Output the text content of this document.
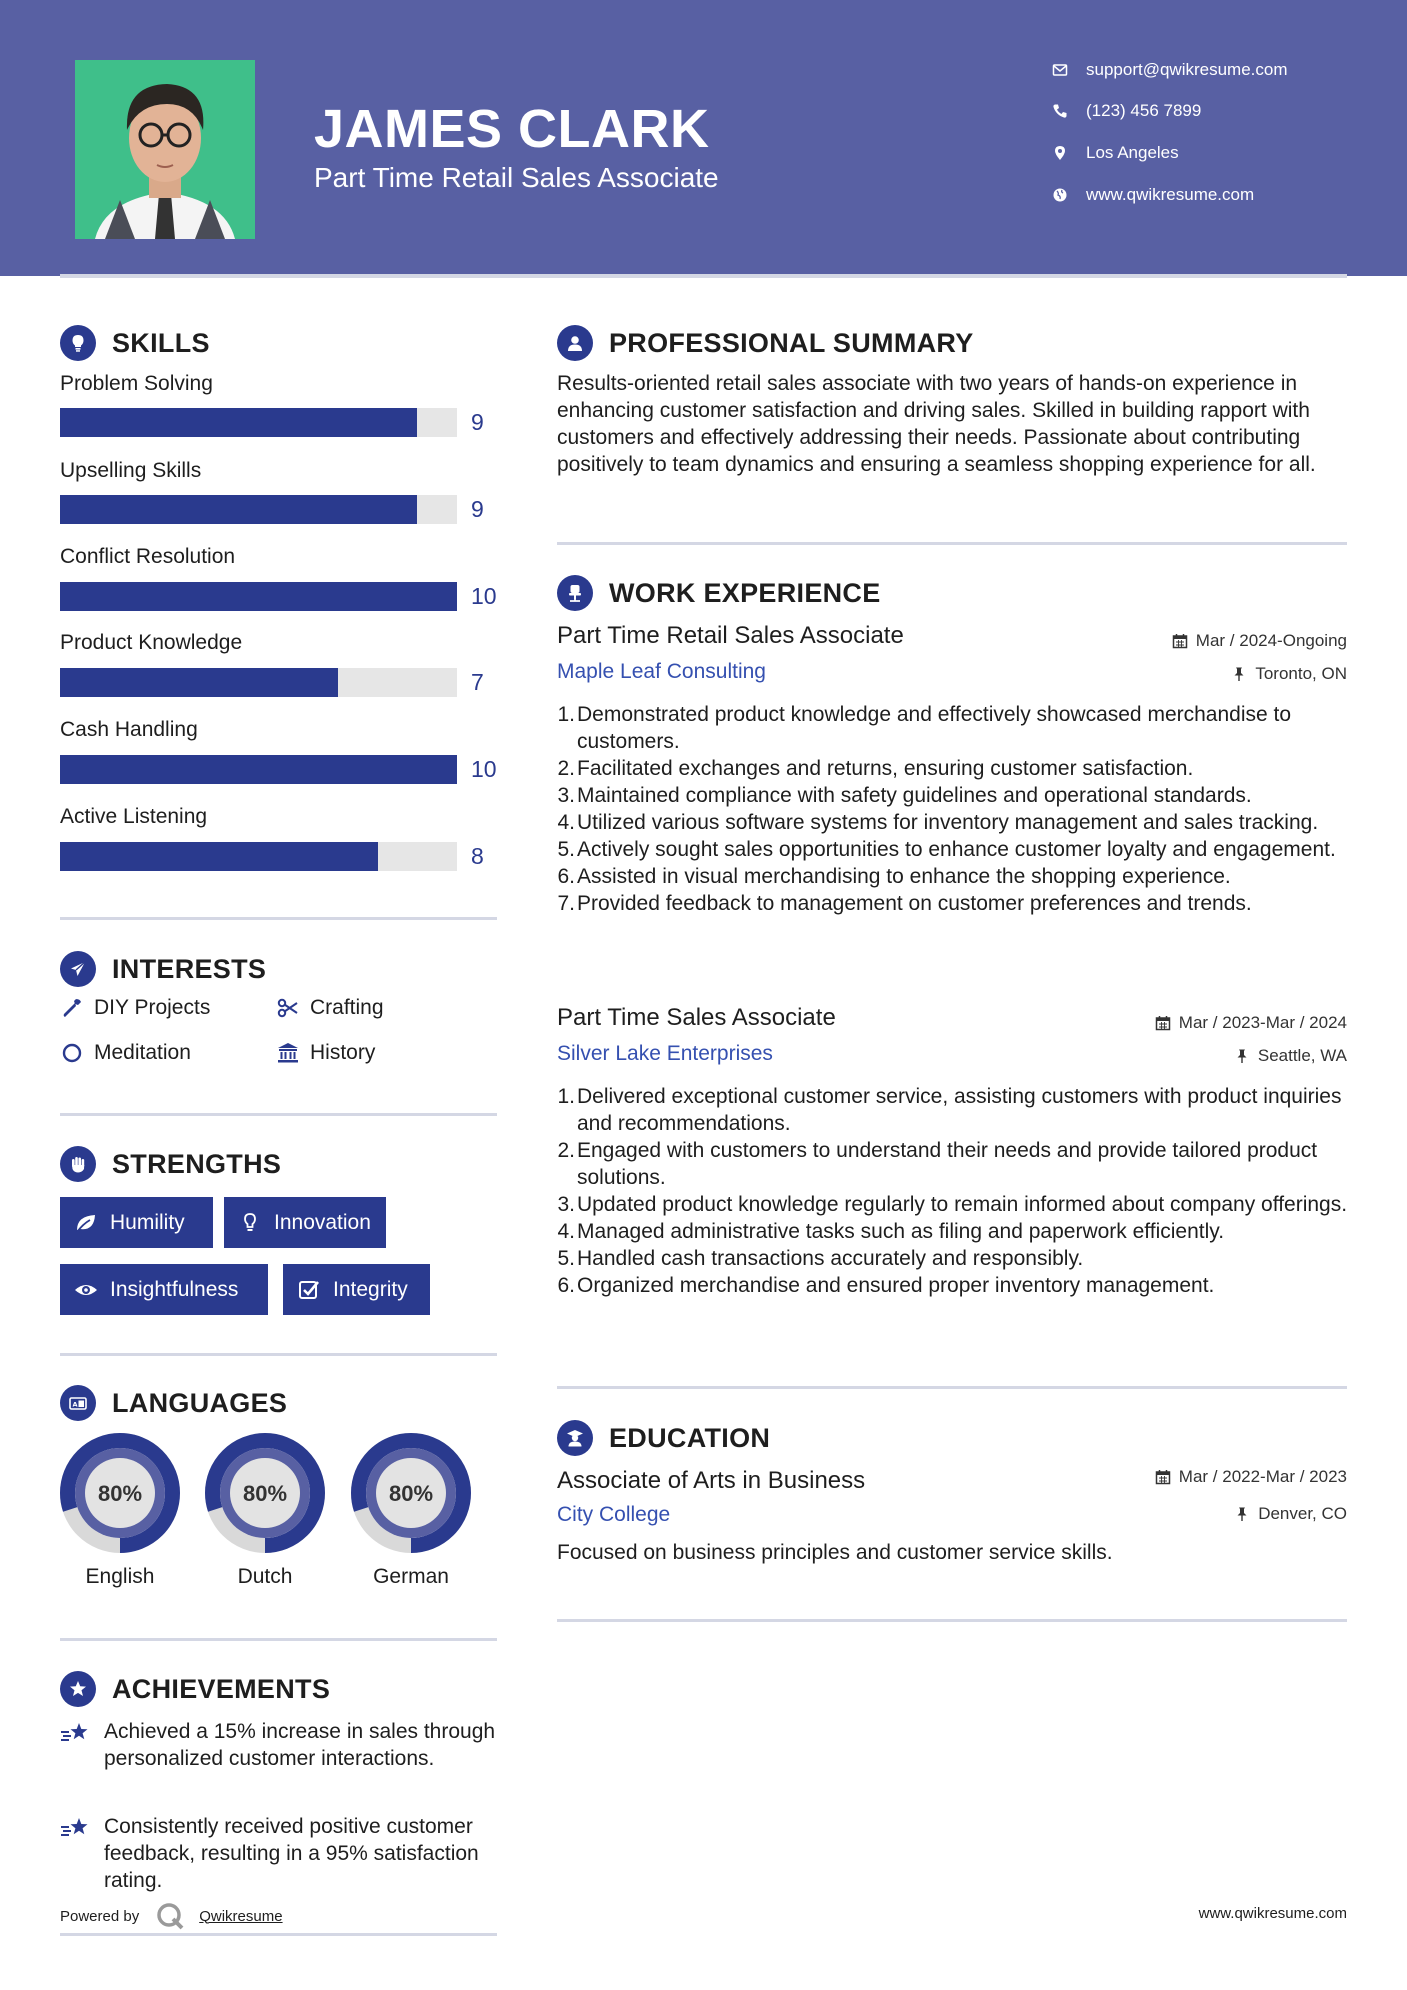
JAMES CLARK
Part Time Retail Sales Associate
support@qwikresume.com
(123) 456 7899
Los Angeles
www.qwikresume.com
SKILLS
Problem Solving
9
Upselling Skills
9
Conflict Resolution
10
Product Knowledge
7
Cash Handling
10
Active Listening
8
INTERESTS
DIY Projects	Crafting
Meditation	History
STRENGTHS
Humility	Innovation
Insightfulness	Integrity
A LANGUAGES
80%
English
80%
Dutch
80%
German
ACHIEVEMENTS
Achieved a 15% increase in sales through personalized customer interactions.
Consistently received positive customer feedback, resulting in a 95% satisfaction rating.
PROFESSIONAL SUMMARY
Results-oriented retail sales associate with two years of hands-on experience in enhancing customer satisfaction and driving sales. Skilled in building rapport with customers and effectively addressing their needs. Passionate about contributing positively to team dynamics and ensuring a seamless shopping experience for all.
WORK EXPERIENCE
Part Time Retail Sales Associate	Mar / 2024-Ongoing
Maple Leaf Consulting	Toronto, ON
1. Demonstrated product knowledge and effectively showcased merchandise to customers.
2. Facilitated exchanges and returns, ensuring customer satisfaction.
3. Maintained compliance with safety guidelines and operational standards.
4. Utilized various software systems for inventory management and sales tracking.
5. Actively sought sales opportunities to enhance customer loyalty and engagement.
6. Assisted in visual merchandising to enhance the shopping experience.
7. Provided feedback to management on customer preferences and trends.
Part Time Sales Associate	Mar / 2023-Mar / 2024
Silver Lake Enterprises	Seattle, WA
1. Delivered exceptional customer service, assisting customers with product inquiries and recommendations.
2. Engaged with customers to understand their needs and provide tailored product solutions.
3. Updated product knowledge regularly to remain informed about company offerings.
4. Managed administrative tasks such as filing and paperwork efficiently.
5. Handled cash transactions accurately and responsibly.
6. Organized merchandise and ensured proper inventory management.
EDUCATION
Associate of Arts in Business	Mar / 2022-Mar / 2023
City College	Denver, CO
Focused on business principles and customer service skills.
Powered by	Qwikresume	www.qwikresume.com
